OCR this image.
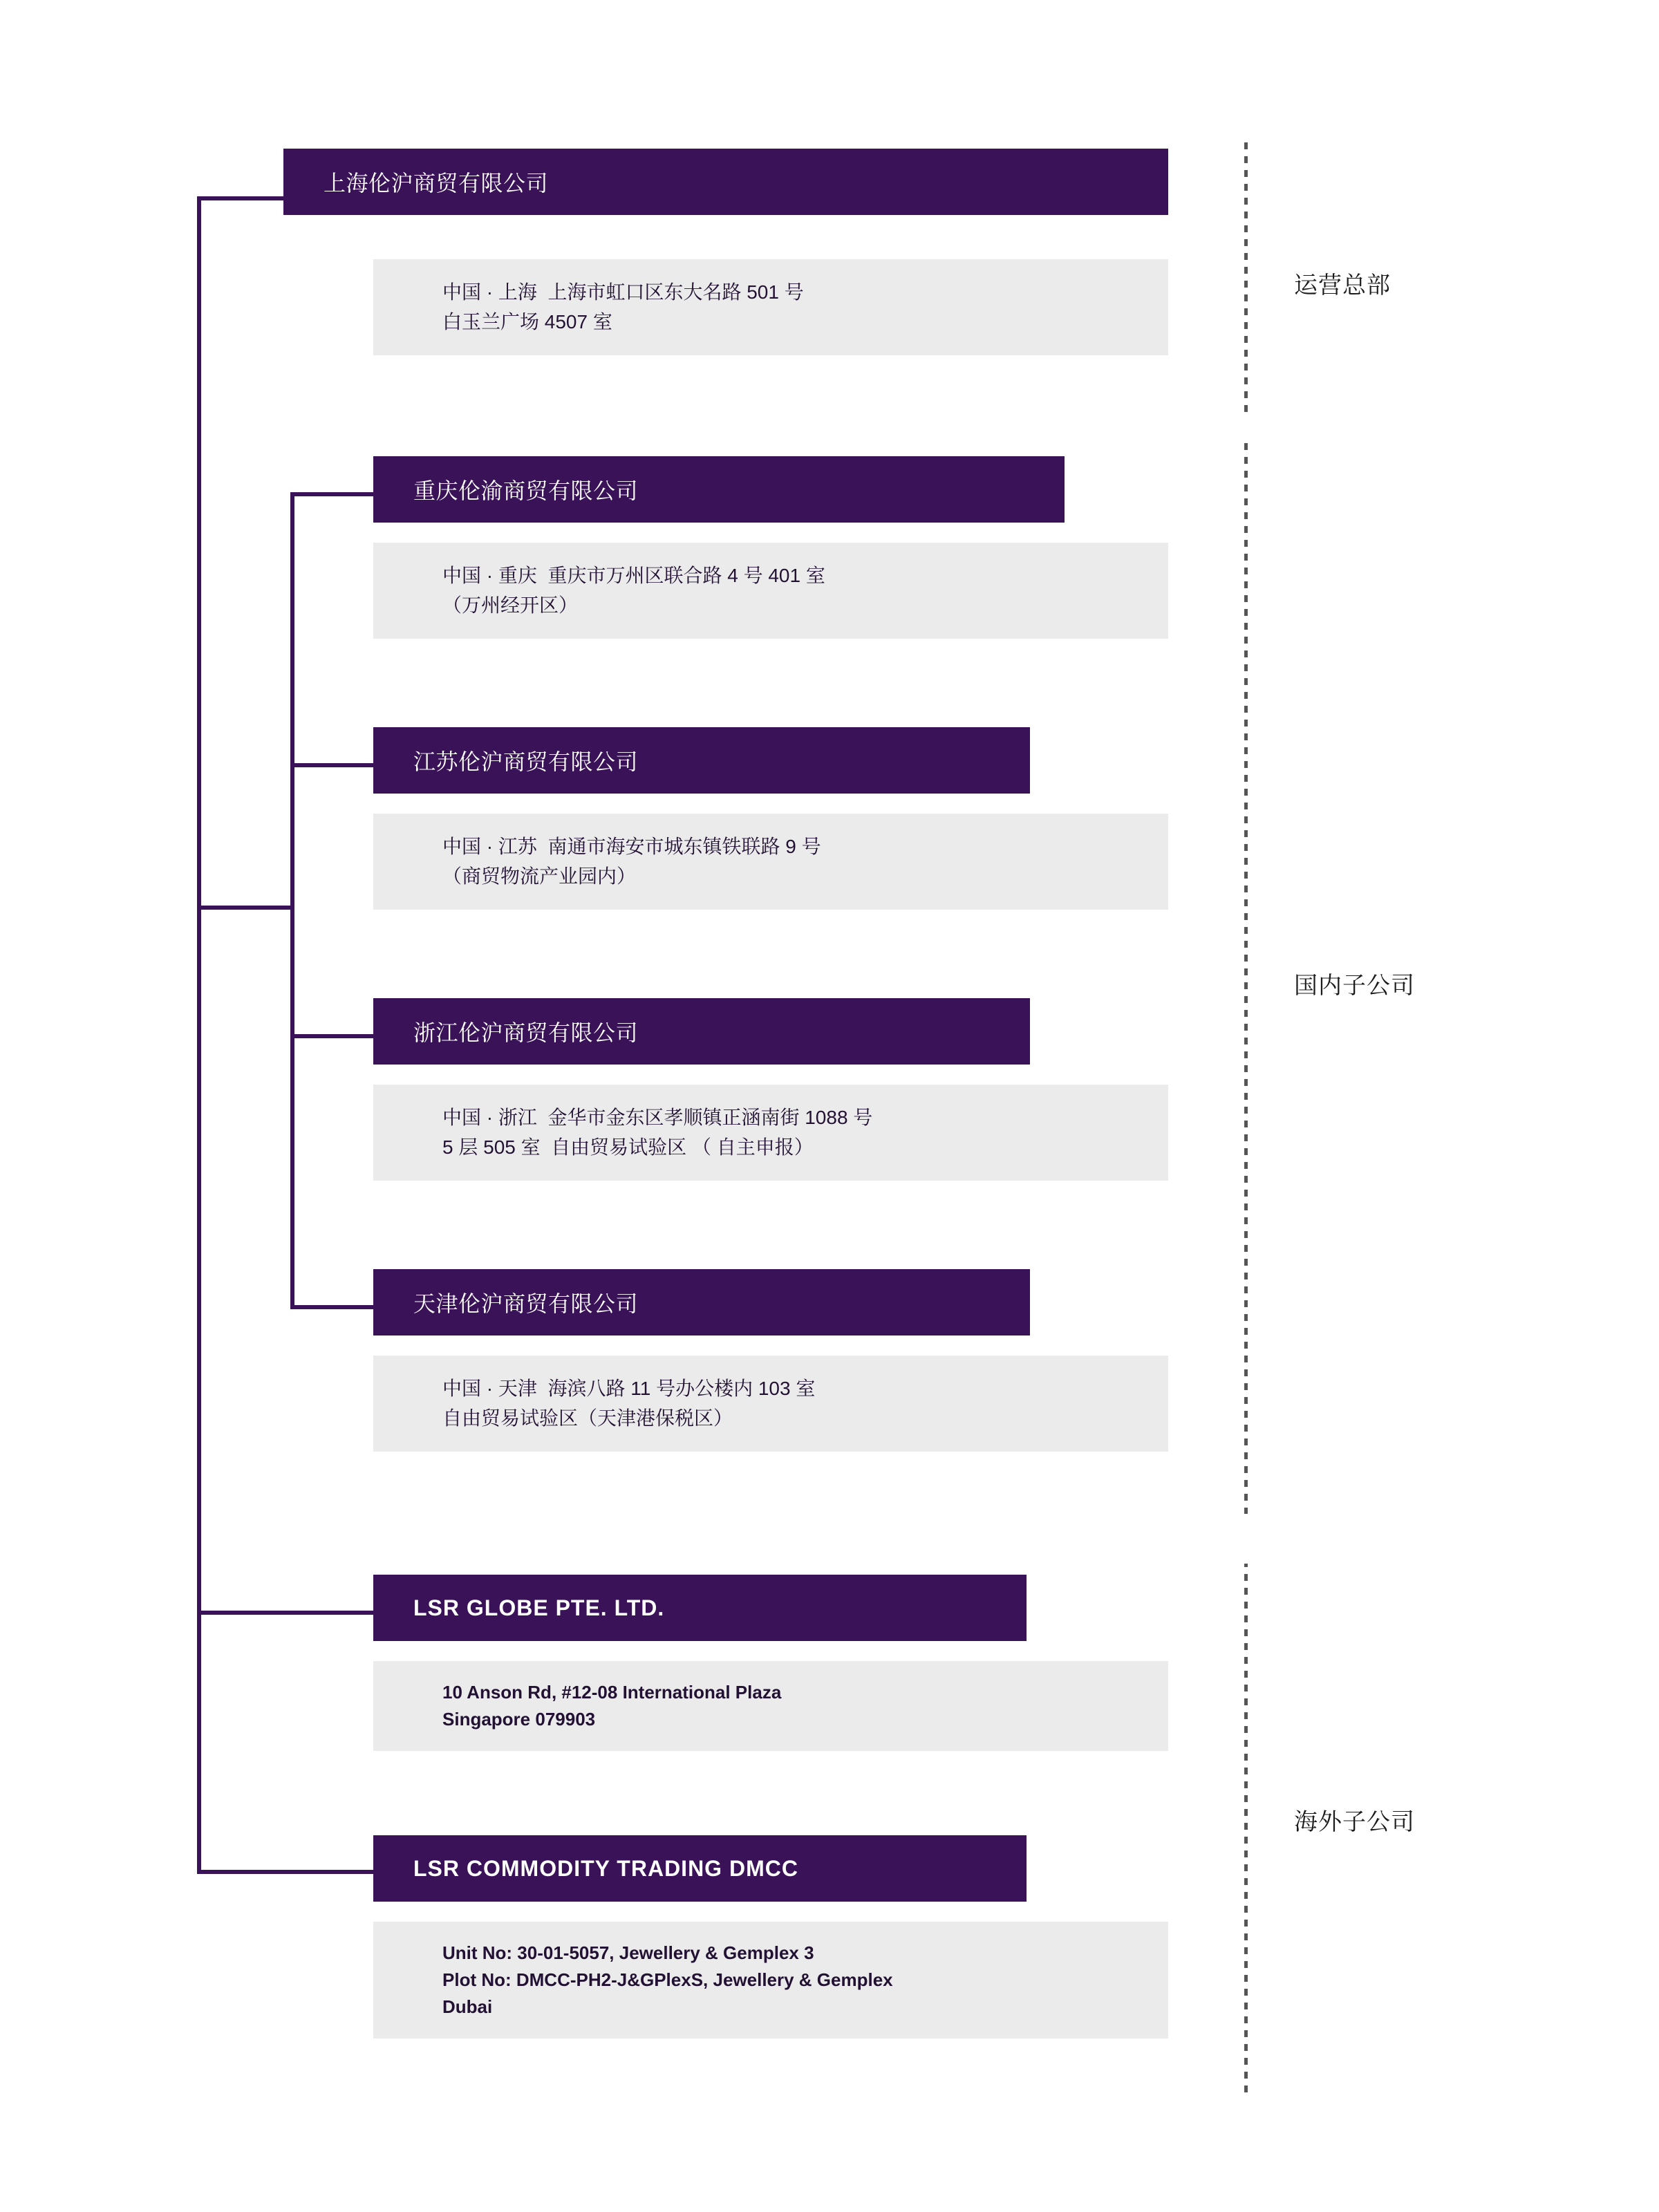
运营总部
国内子公司
海外子公司
上海伦沪商贸有限公司
中国 · 上海  上海市虹口区东大名路 501 号
白玉兰广场 4507 室
重庆伦渝商贸有限公司
中国 · 重庆  重庆市万州区联合路 4 号 401 室
（万州经开区）
江苏伦沪商贸有限公司
中国 · 江苏  南通市海安市城东镇铁联路 9 号
（商贸物流产业园内）
浙江伦沪商贸有限公司
中国 · 浙江  金华市金东区孝顺镇正涵南街 1088 号
5 层 505 室  自由贸易试验区 （ 自主申报）
天津伦沪商贸有限公司
中国 · 天津  海滨八路 11 号办公楼内 103 室
自由贸易试验区（天津港保税区）
LSR GLOBE PTE. LTD.
10 Anson Rd, #12-08 International Plaza
Singapore 079903
LSR COMMODITY TRADING DMCC
Unit No: 30-01-5057, Jewellery & Gemplex 3
Plot No: DMCC-PH2-J&GPlexS, Jewellery & Gemplex
Dubai
